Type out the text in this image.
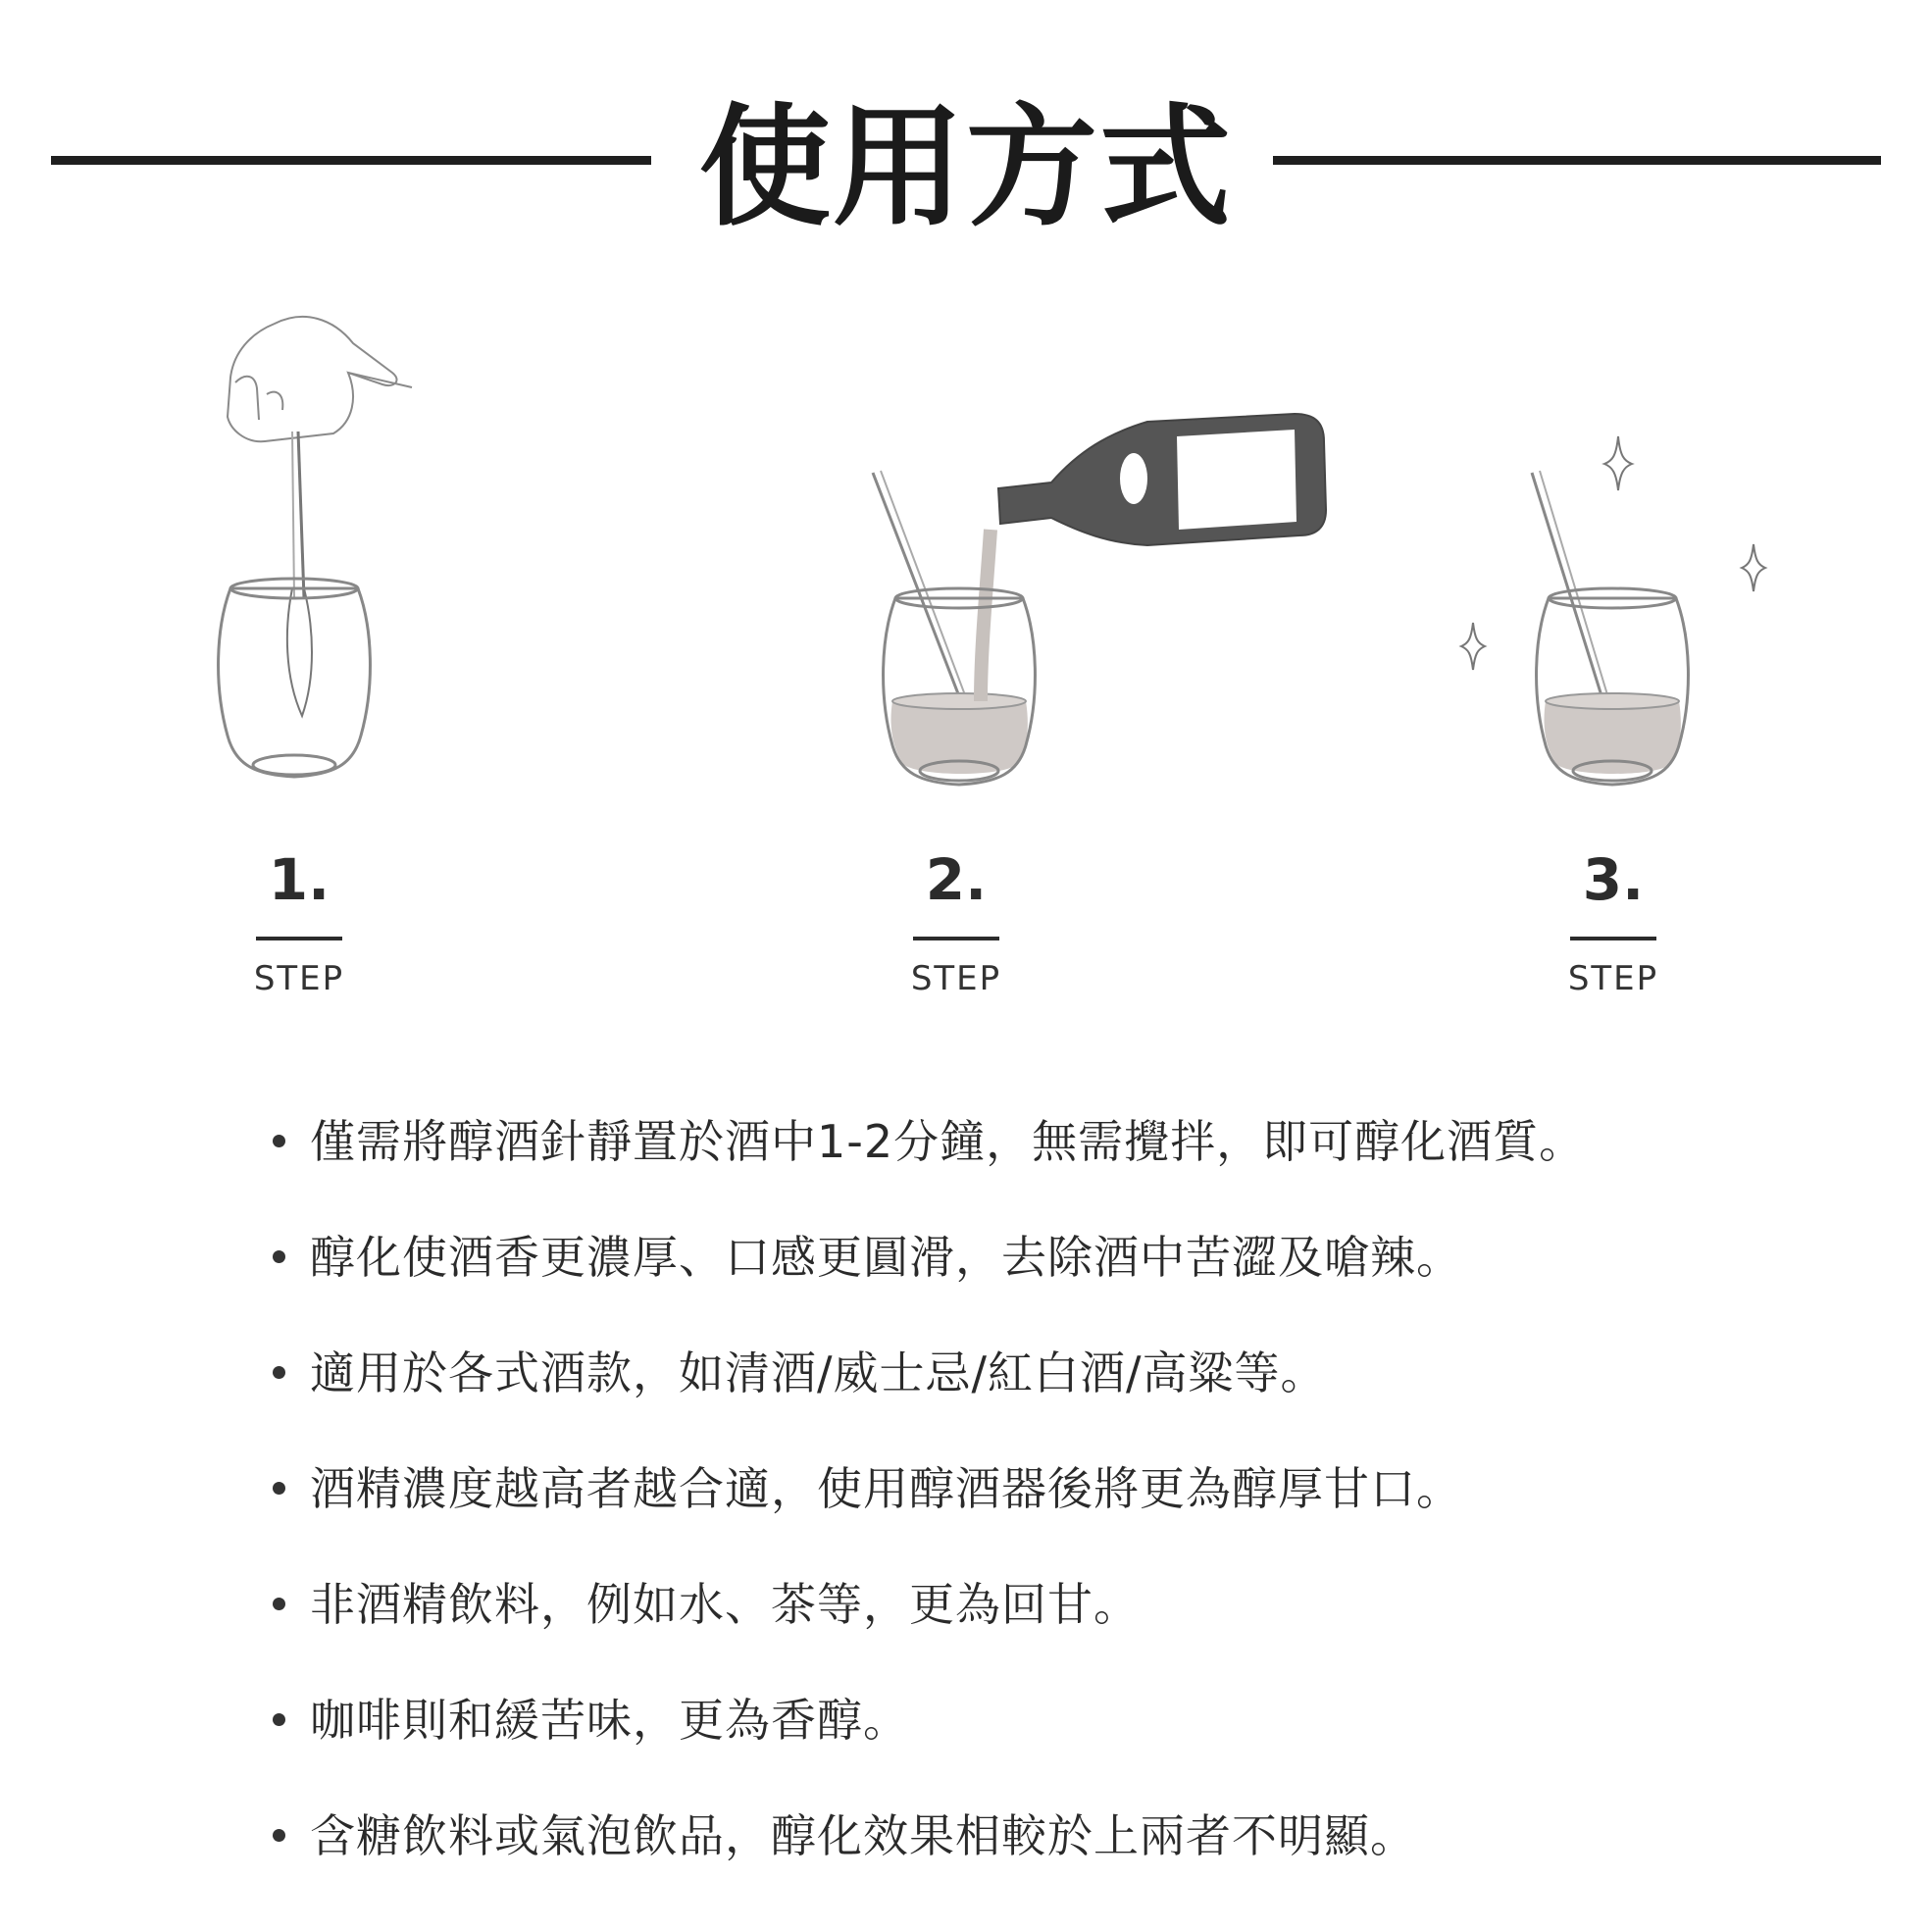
使用方式
1.
STEP
2.
STEP
3.
STEP
僅需將醇酒針靜置於酒中1-2分鐘，無需攪拌，即可醇化酒質。
醇化使酒香更濃厚、口感更圓滑，去除酒中苦澀及嗆辣。
適用於各式酒款，如清酒/威士忌/紅白酒/高粱等。
酒精濃度越高者越合適，使用醇酒器後將更為醇厚甘口。
非酒精飲料，例如水、茶等，更為回甘。
咖啡則和緩苦味，更為香醇。
含糖飲料或氣泡飲品，醇化效果相較於上兩者不明顯。
